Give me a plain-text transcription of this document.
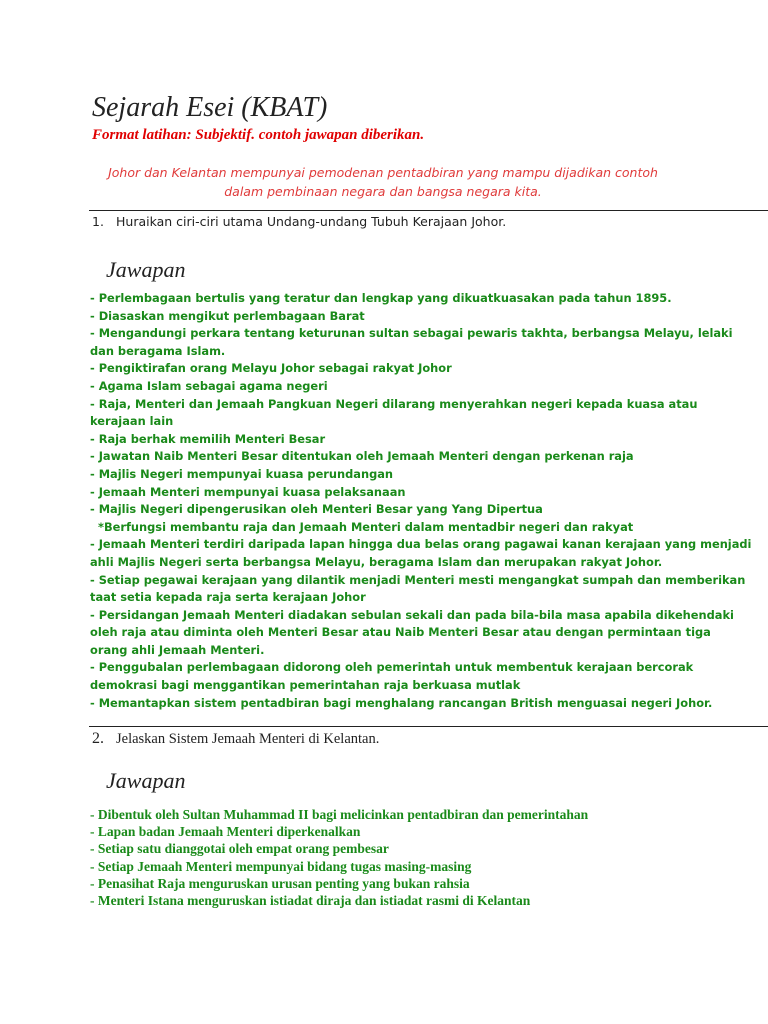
Sejarah Esei (KBAT)
Format latihan: Subjektif. contoh jawapan diberikan.
Johor dan Kelantan mempunyai pemodenan pentadbiran yang mampu dijadikan contoh
dalam pembinaan negara dan bangsa negara kita.
1. Huraikan ciri-ciri utama Undang-undang Tubuh Kerajaan Johor.
Jawapan
- Perlembagaan bertulis yang teratur dan lengkap yang dikuatkuasakan pada tahun 1895.
- Diasaskan mengikut perlembagaan Barat
- Mengandungi perkara tentang keturunan sultan sebagai pewaris takhta, berbangsa Melayu, lelaki
dan beragama Islam.
- Pengiktirafan orang Melayu Johor sebagai rakyat Johor
- Agama Islam sebagai agama negeri
- Raja, Menteri dan Jemaah Pangkuan Negeri dilarang menyerahkan negeri kepada kuasa atau
kerajaan lain
- Raja berhak memilih Menteri Besar
- Jawatan Naib Menteri Besar ditentukan oleh Jemaah Menteri dengan perkenan raja
- Majlis Negeri mempunyai kuasa perundangan
- Jemaah Menteri mempunyai kuasa pelaksanaan
- Majlis Negeri dipengerusikan oleh Menteri Besar yang Yang Dipertua
*Berfungsi membantu raja dan Jemaah Menteri dalam mentadbir negeri dan rakyat
- Jemaah Menteri terdiri daripada lapan hingga dua belas orang pagawai kanan kerajaan yang menjadi
ahli Majlis Negeri serta berbangsa Melayu, beragama Islam dan merupakan rakyat Johor.
- Setiap pegawai kerajaan yang dilantik menjadi Menteri mesti mengangkat sumpah dan memberikan
taat setia kepada raja serta kerajaan Johor
- Persidangan Jemaah Menteri diadakan sebulan sekali dan pada bila-bila masa apabila dikehendaki
oleh raja atau diminta oleh Menteri Besar atau Naib Menteri Besar atau dengan permintaan tiga
orang ahli Jemaah Menteri.
- Penggubalan perlembagaan didorong oleh pemerintah untuk membentuk kerajaan bercorak
demokrasi bagi menggantikan pemerintahan raja berkuasa mutlak
- Memantapkan sistem pentadbiran bagi menghalang rancangan British menguasai negeri Johor.
2. Jelaskan Sistem Jemaah Menteri di Kelantan.
Jawapan
- Dibentuk oleh Sultan Muhammad II bagi melicinkan pentadbiran dan pemerintahan
- Lapan badan Jemaah Menteri diperkenalkan
- Setiap satu dianggotai oleh empat orang pembesar
- Setiap Jemaah Menteri mempunyai bidang tugas masing-masing
- Penasihat Raja menguruskan urusan penting yang bukan rahsia
- Menteri Istana menguruskan istiadat diraja dan istiadat rasmi di Kelantan
